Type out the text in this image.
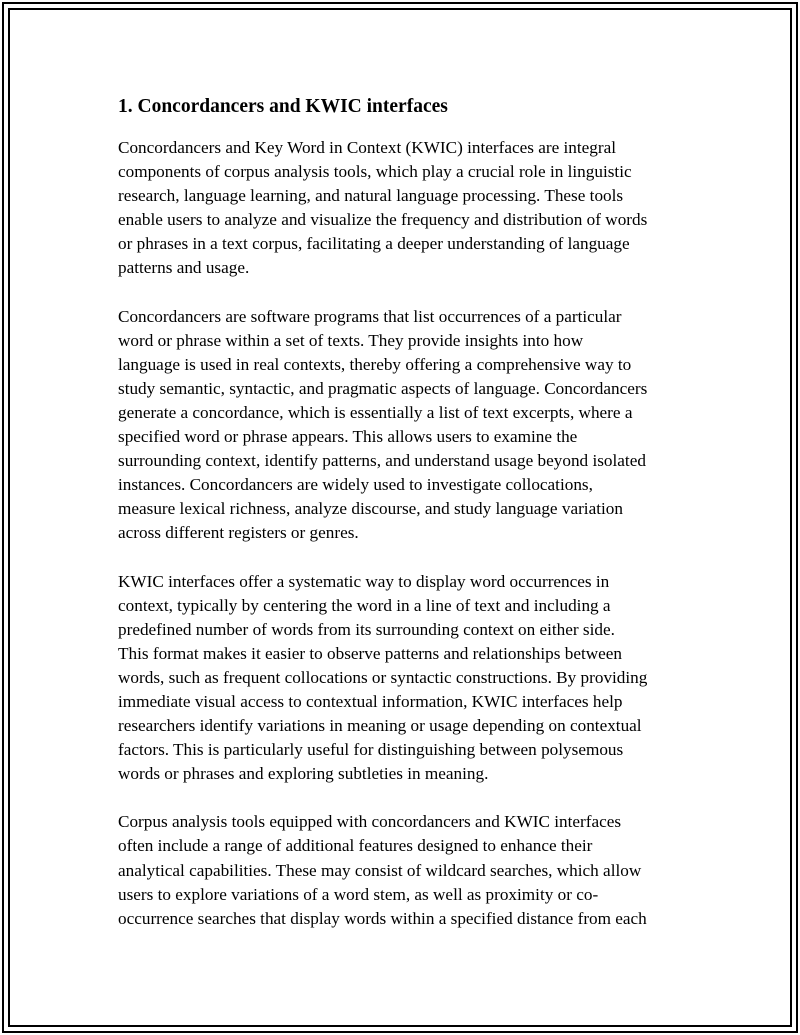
1. Concordancers and KWIC interfaces

Concordancers and Key Word in Context (KWIC) interfaces are integral
components of corpus analysis tools, which play a crucial role in linguistic
research, language learning, and natural language processing. These tools
enable users to analyze and visualize the frequency and distribution of words
or phrases in a text corpus, facilitating a deeper understanding of language
patterns and usage.

Concordancers are software programs that list occurrences of a particular
word or phrase within a set of texts. They provide insights into how
language is used in real contexts, thereby offering a comprehensive way to
study semantic, syntactic, and pragmatic aspects of language. Concordancers
generate a concordance, which is essentially a list of text excerpts, where a
specified word or phrase appears. This allows users to examine the
surrounding context, identify patterns, and understand usage beyond isolated
instances. Concordancers are widely used to investigate collocations,
measure lexical richness, analyze discourse, and study language variation
across different registers or genres.

KWIC interfaces offer a systematic way to display word occurrences in
context, typically by centering the word in a line of text and including a
predefined number of words from its surrounding context on either side.
This format makes it easier to observe patterns and relationships between
words, such as frequent collocations or syntactic constructions. By providing
immediate visual access to contextual information, KWIC interfaces help
researchers identify variations in meaning or usage depending on contextual
factors. This is particularly useful for distinguishing between polysemous
words or phrases and exploring subtleties in meaning.

Corpus analysis tools equipped with concordancers and KWIC interfaces
often include a range of additional features designed to enhance their
analytical capabilities. These may consist of wildcard searches, which allow
users to explore variations of a word stem, as well as proximity or co-
occurrence searches that display words within a specified distance from each
